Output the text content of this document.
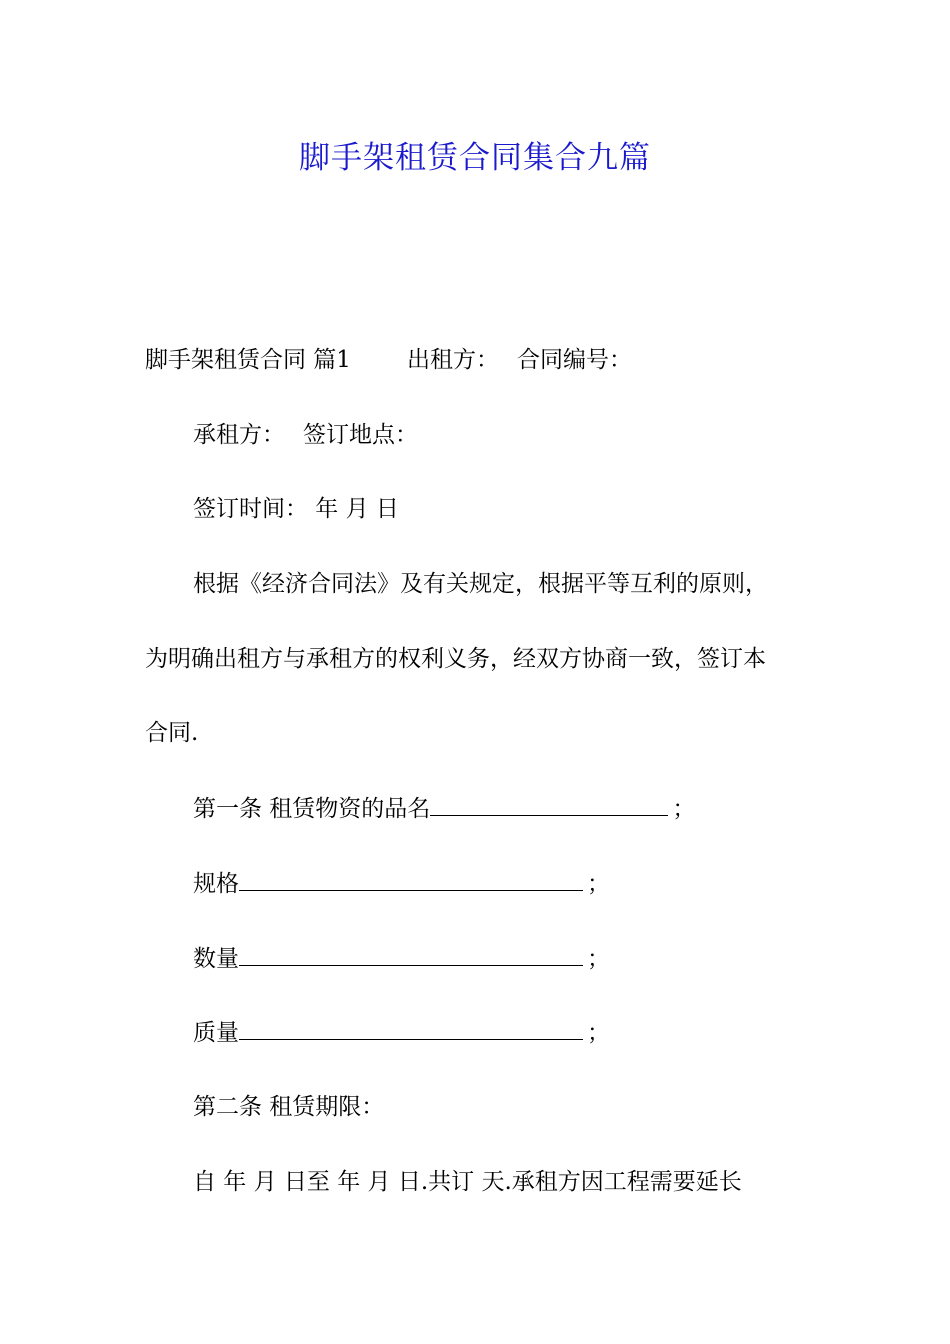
脚手架租赁合同集合九篇
脚手架租赁合同 篇1 出租方： 合同编号：
承租方： 签订地点：
签订时间： 年 月 日
根据《经济合同法》及有关规定，根据平等互利的原则，
为明确出租方与承租方的权利义务，经双方协商一致，签订本
合同.
第一条 租赁物资的品名	；
规格	；
数量	；
质量	；
第二条 租赁期限：
自 年 月 日至 年 月 日.共订 天.承租方因工程需要延长
